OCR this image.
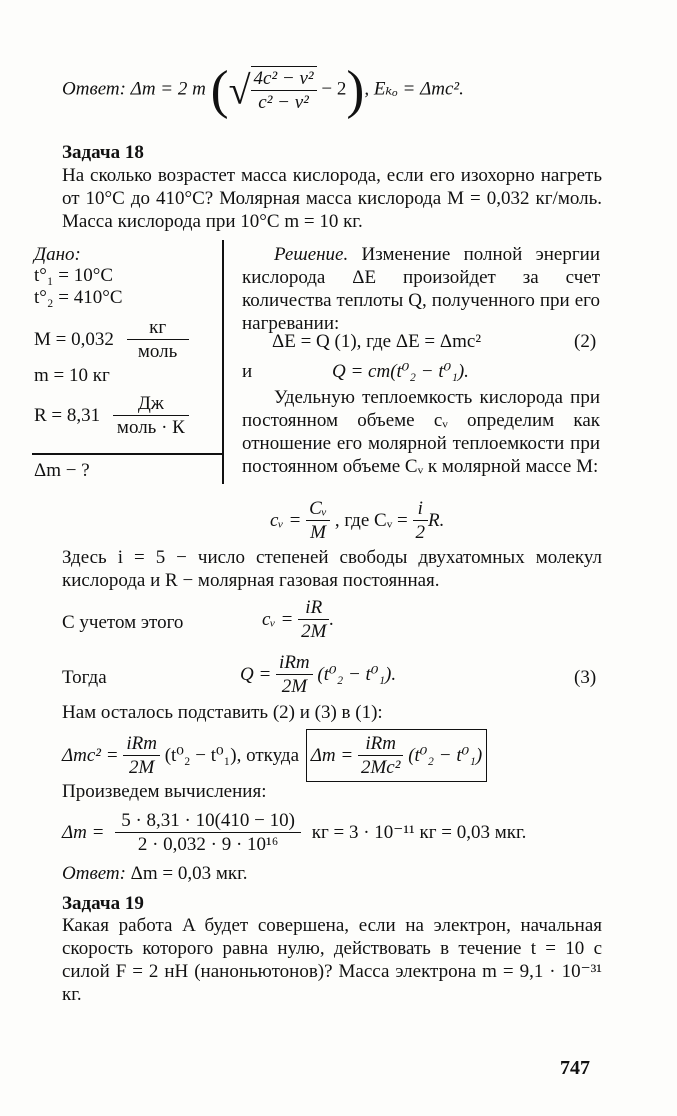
Ответ: Δm = 2 m (√ $\frac{\text{4c² − v²}}{\text{c² − v²}} - 2$), Eₖₒ = Δmc².
Задача 18
На сколько возрастет масса кислорода, если его изохорно нагреть от 10°С до 410°С? Молярная масса кислорода M = 0,032 кг/моль. Масса кислорода при 10°С m = 10 кг.
Дано:
t°₁ = 10°С
t°₂ = 410°С
$M = 0,032 \frac{кг}{\text{моль}}$
m = 10 кг
$R = 8,31 \frac{Дж}{\text{моль · К}}$
Δm − ?
Решение. Изменение полной энергии кислорода ΔE произойдет за счет количества теплоты Q, полученного при его нагревании:
ΔE = Q (1), где ΔE = Δmc²	(2)
и	Q = cm(t⁰₂ − t⁰₁).
Удельную теплоемкость кислорода при постоянном объеме cᵥ определим как отношение его молярной теплоемкости при постоянном объеме Cᵥ к молярной массе M:
cᵥ = $\frac{\text{Cᵥ}}{M}$ , где Cᵥ = $\frac{i}{2} R$.
Здесь i = 5 − число степеней свободы двухатомных молекул кислорода и R − молярная газовая постоянная.
С учетом этого	cᵥ = $\frac{iR}{2M}$ .
Тогда	$Q = \frac{\text{iRm}}{2M} (t^0_2 - t^0_1)$.	(3)
Нам осталось подставить (2) и (3) в (1):
$\Delta mc^2 = \frac{\text{iRm}}{2M} (t^0_2 - t^0_1)$, откуда $\Delta m = \frac{\text{iRm}}{\text{2Mc²}} (t^0_2 - t^0_1)$
Произведем вычисления:
$\Delta m = \frac{5 \cdot 8,31 \cdot 10(410 - 10)}{\text{2 · 0,032 · 9 · 10¹⁶}}$ кг = 3 · 10⁻¹¹ кг = 0,03 мкг.
Ответ: Δm = 0,03 мкг.
Задача 19
Какая работа A будет совершена, если на электрон, начальная скорость которого равна нулю, действовать в течение t = 10 с силой F = 2 нН (наноньютонов)? Масса электрона m = 9,1 · 10⁻³¹ кг.
747
